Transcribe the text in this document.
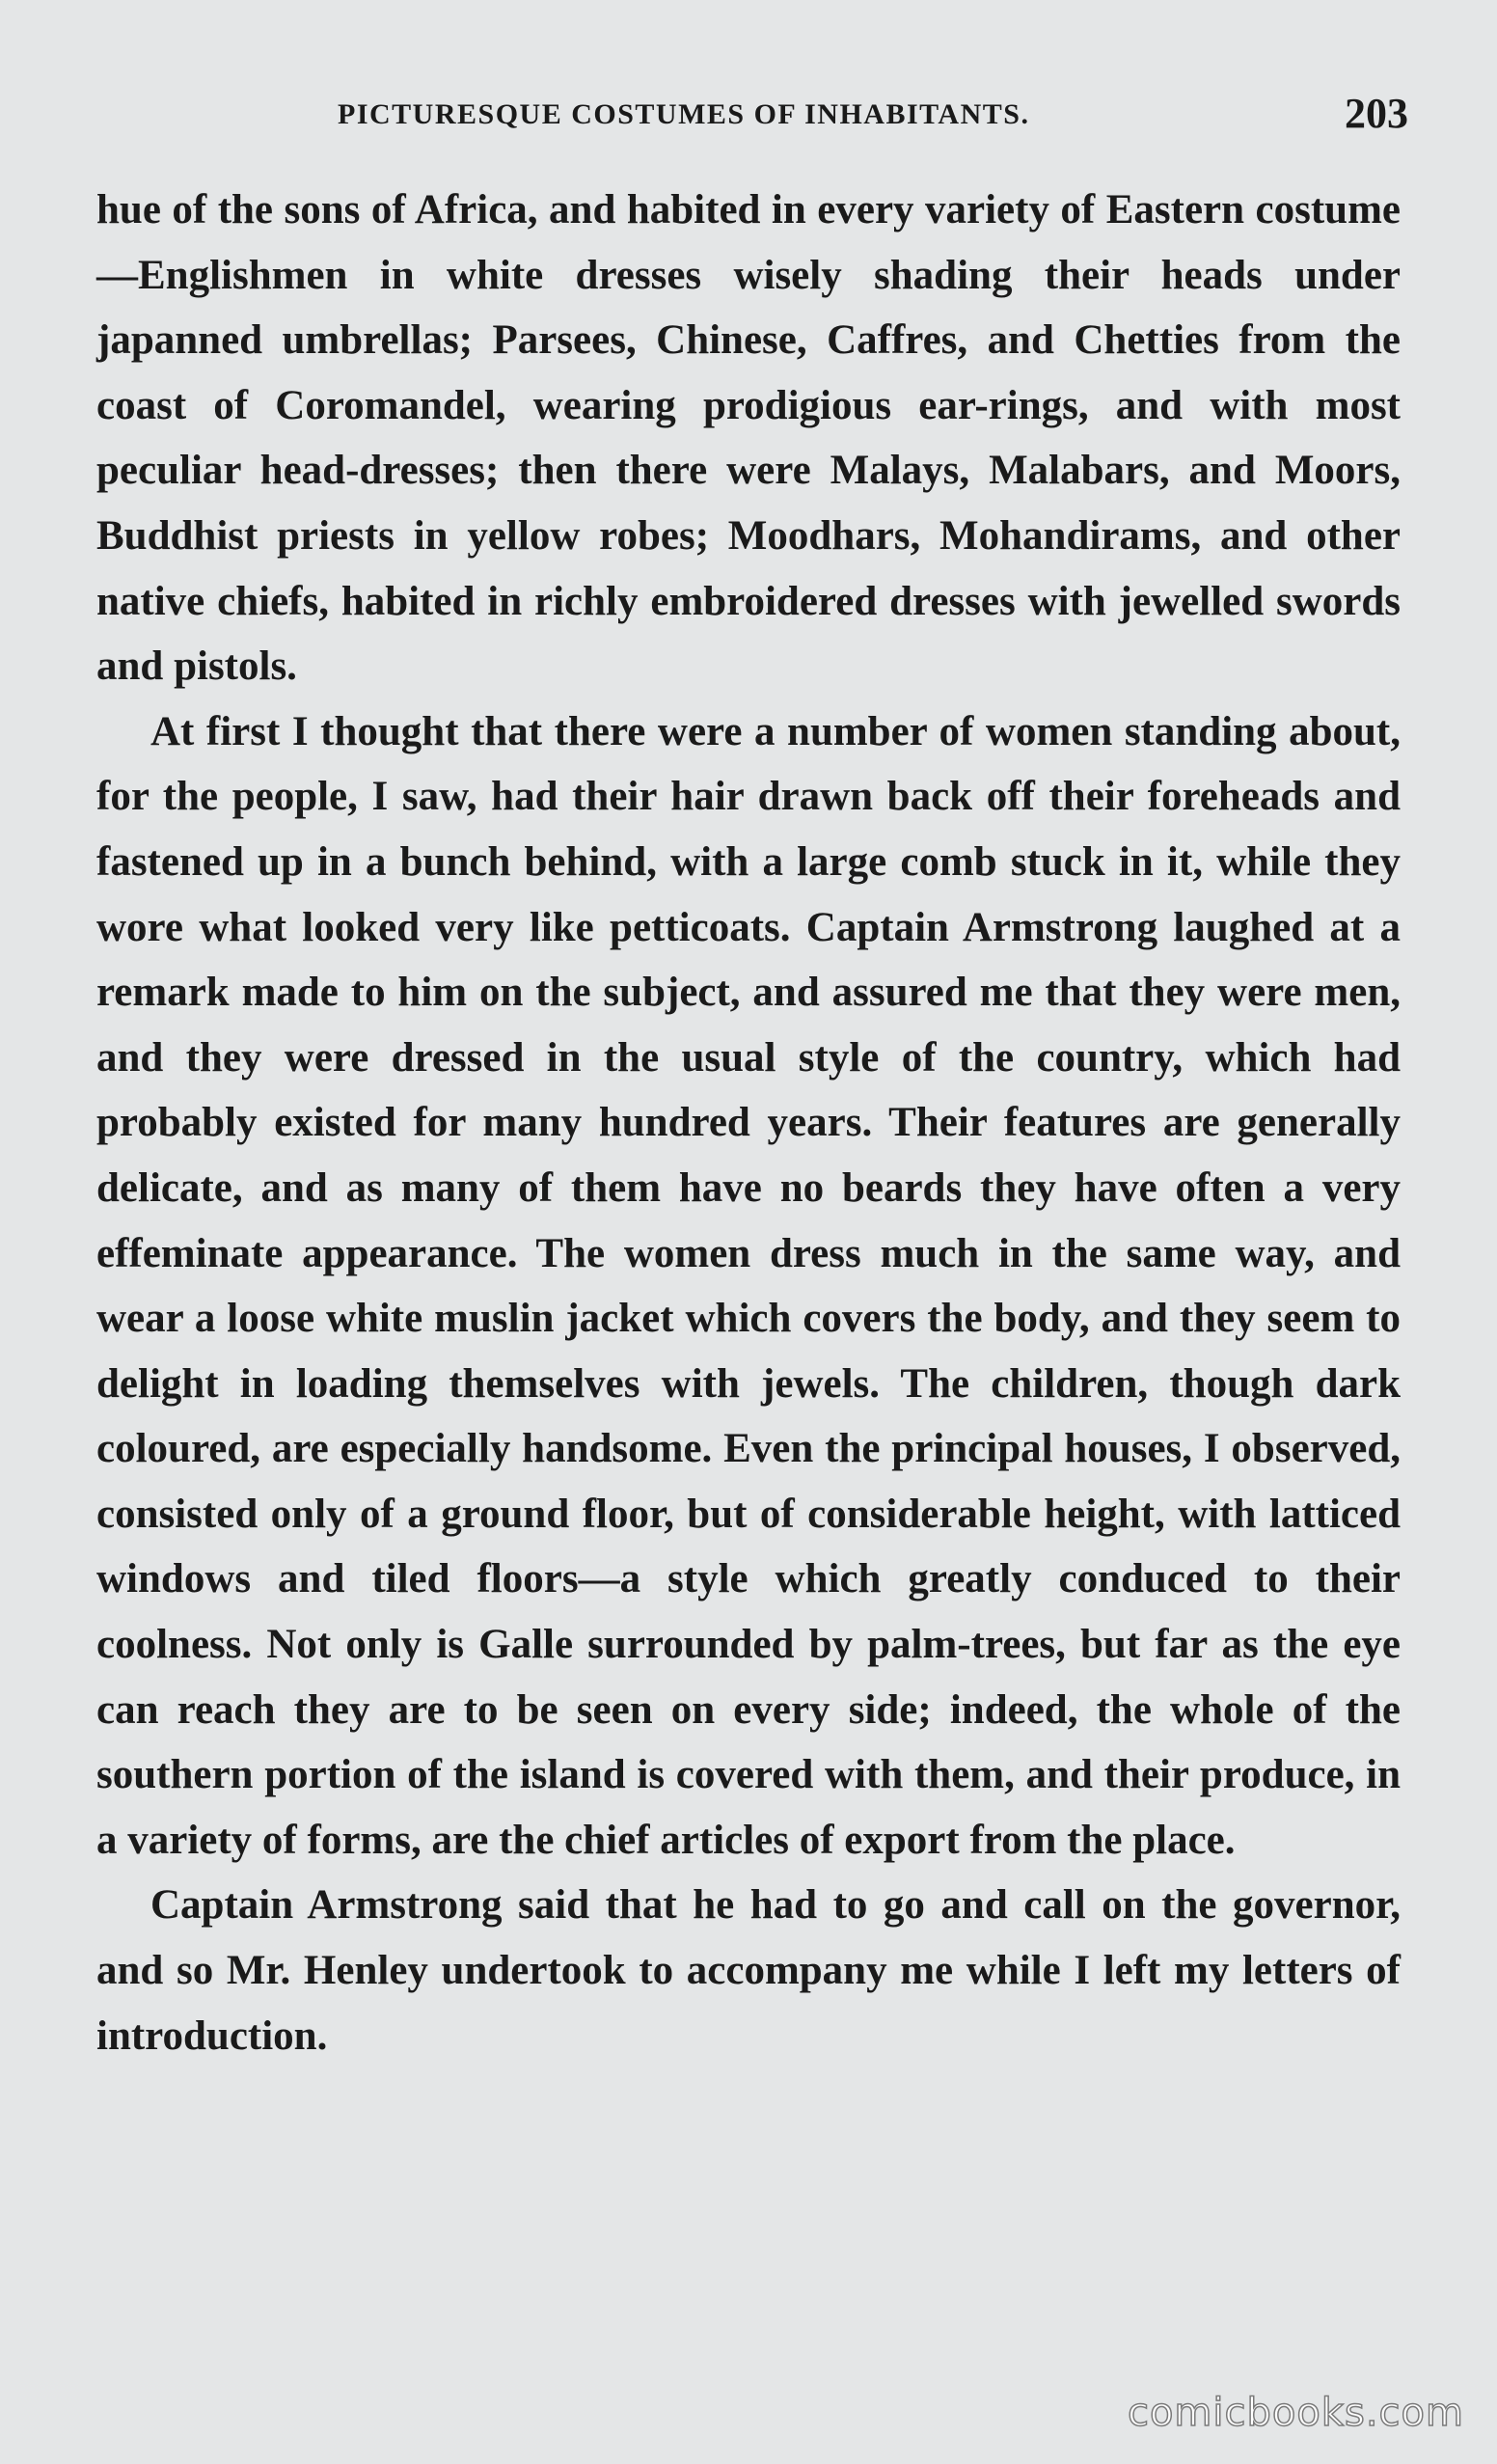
PICTURESQUE COSTUMES OF INHABITANTS.	203

hue of the sons of Africa, and habited in every variety of Eastern costume—Englishmen in white dresses wisely shading their heads under japanned umbrellas; Parsees, Chinese, Caffres, and Chetties from the coast of Coromandel, wearing prodigious ear-rings, and with most peculiar head-dresses; then there were Malays, Malabars, and Moors, Buddhist priests in yellow robes; Moodhars, Mohandirams, and other native chiefs, habited in richly embroidered dresses with jewelled swords and pistols.

At first I thought that there were a number of women standing about, for the people, I saw, had their hair drawn back off their foreheads and fastened up in a bunch behind, with a large comb stuck in it, while they wore what looked very like petticoats. Captain Armstrong laughed at a remark made to him on the subject, and assured me that they were men, and they were dressed in the usual style of the country, which had probably existed for many hundred years. Their features are generally delicate, and as many of them have no beards they have often a very effeminate appearance. The women dress much in the same way, and wear a loose white muslin jacket which covers the body, and they seem to delight in loading themselves with jewels. The children, though dark coloured, are especially handsome. Even the principal houses, I observed, consisted only of a ground floor, but of considerable height, with latticed windows and tiled floors—a style which greatly conduced to their coolness. Not only is Galle surrounded by palm-trees, but far as the eye can reach they are to be seen on every side; indeed, the whole of the southern portion of the island is covered with them, and their produce, in a variety of forms, are the chief articles of export from the place.

Captain Armstrong said that he had to go and call on the governor, and so Mr. Henley undertook to accompany me while I left my letters of introduction.

comicbooks.com
